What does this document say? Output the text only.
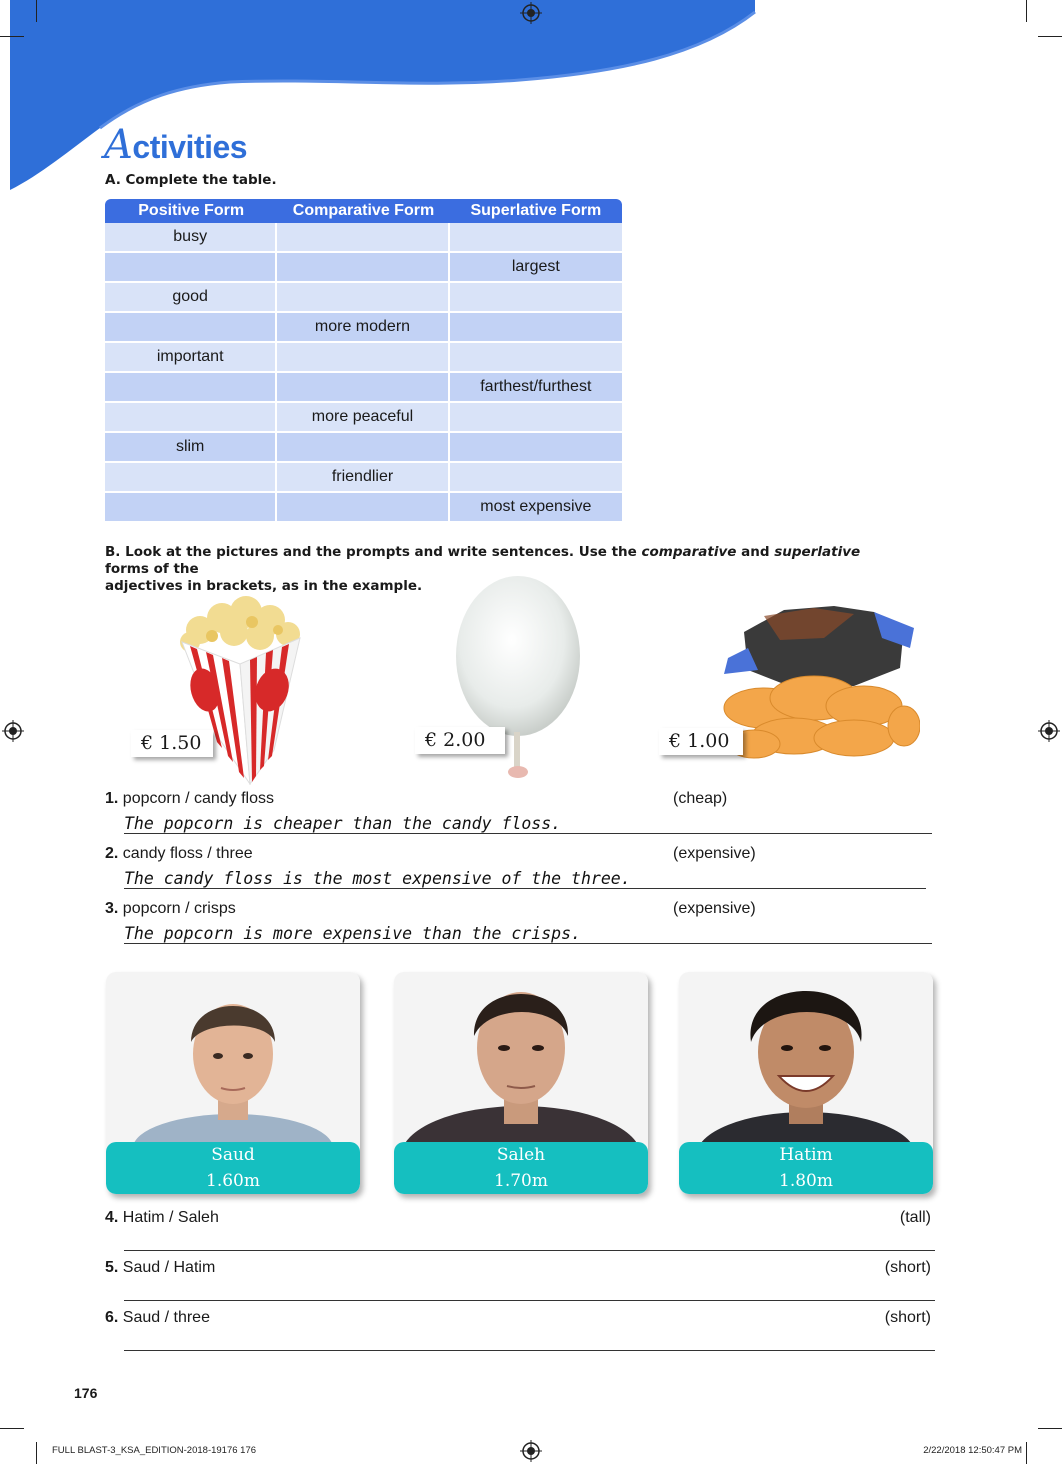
Activities
A. Complete the table.
Positive Form	Comparative Form	Superlative Form
busy		
		largest
good		
	more modern	
important		
		farthest/furthest
	more peaceful	
slim		
	friendlier	
		most expensive
B. Look at the pictures and the prompts and write sentences. Use the comparative and superlative forms of the
adjectives in brackets, as in the example.
€ 1.50	€ 2.00	€ 1.00
1. popcorn / candy floss	(cheap)
The popcorn is cheaper than the candy floss.
2. candy floss / three	(expensive)
The candy floss is the most expensive of the three.
3. popcorn / crisps	(expensive)
The popcorn is more expensive than the crisps.
Saud
1.60m
Saleh
1.70m
Hatim
1.80m
4. Hatim / Saleh	(tall)
5. Saud / Hatim	(short)
6. Saud / three	(short)
176
FULL BLAST-3_KSA_EDITION-2018-19176 176	2/22/2018 12:50:47 PM
